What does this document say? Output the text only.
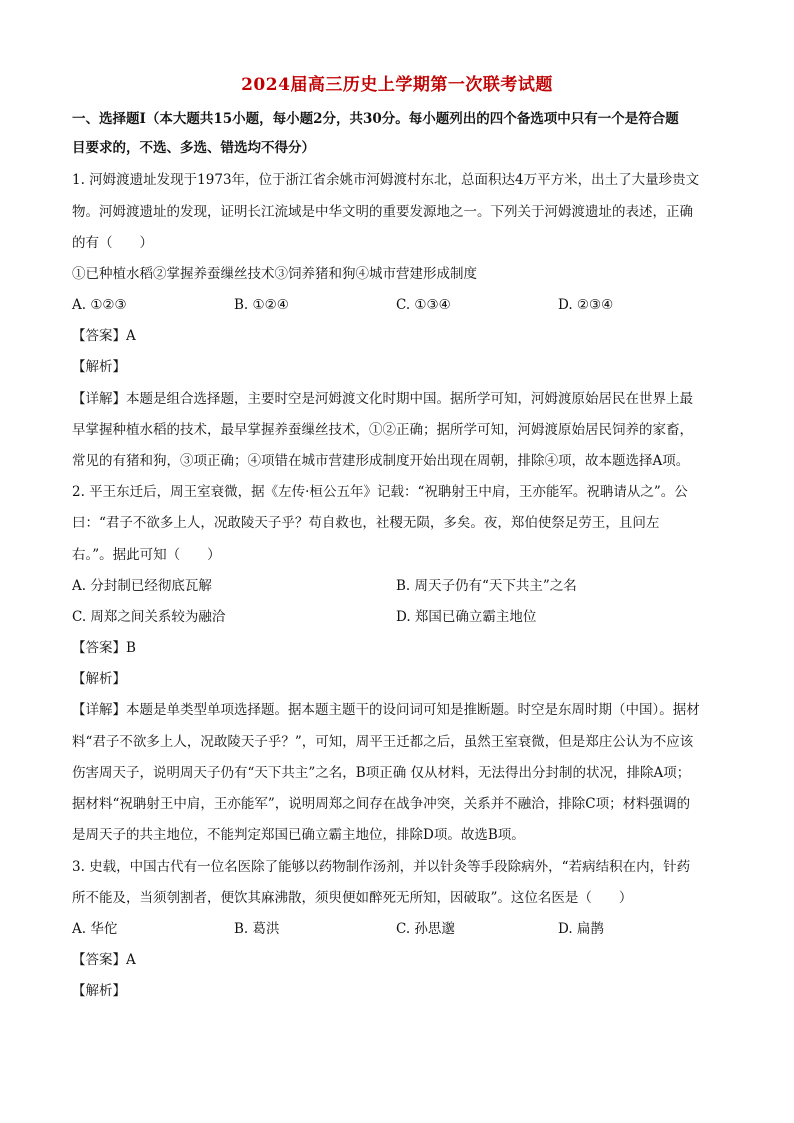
2024届高三历史上学期第一次联考试题
一、选择题Ⅰ（本大题共15小题，每小题2分，共30分。每小题列出的四个备选项中只有一个是符合题
目要求的，不选、多选、错选均不得分）
1. 河姆渡遗址发现于1973年，位于浙江省余姚市河姆渡村东北，总面积达4万平方米，出土了大量珍贵文
物。河姆渡遗址的发现，证明长江流域是中华文明的重要发源地之一。下列关于河姆渡遗址的表述，正确
的有（　　）
①已种植水稻②掌握养蚕缫丝技术③饲养猪和狗④城市营建形成制度
A. ①②③	B. ①②④	C. ①③④	D. ②③④
【答案】A
【解析】
【详解】本题是组合选择题，主要时空是河姆渡文化时期中国。据所学可知，河姆渡原始居民在世界上最
早掌握种植水稻的技术，最早掌握养蚕缫丝技术，①②正确；据所学可知，河姆渡原始居民饲养的家畜，
常见的有猪和狗，③项正确；④项错在城市营建形成制度开始出现在周朝，排除④项，故本题选择A项。
2. 平王东迁后，周王室衰微，据《左传·桓公五年》记载：“祝聃射王中肩，王亦能军。祝聃请从之”。公
曰：“君子不欲多上人，况敢陵天子乎？苟自救也，社稷无陨，多矣。夜，郑伯使祭足劳王，且问左
右。”。据此可知（　　）
A. 分封制已经彻底瓦解	B. 周天子仍有“天下共主”之名
C. 周郑之间关系较为融洽	D. 郑国已确立霸主地位
【答案】B
【解析】
【详解】本题是单类型单项选择题。据本题主题干的设问词可知是推断题。时空是东周时期（中国）。据材
料“君子不欲多上人，况敢陵天子乎？”，可知，周平王迁都之后，虽然王室衰微，但是郑庄公认为不应该
伤害周天子，说明周天子仍有“天下共主”之名，B项正确 仅从材料，无法得出分封制的状况，排除A项；
据材料“祝聃射王中肩，王亦能军”，说明周郑之间存在战争冲突，关系并不融洽，排除C项；材料强调的
是周天子的共主地位，不能判定郑国已确立霸主地位，排除D项。故选B项。
3. 史载，中国古代有一位名医除了能够以药物制作汤剂，并以针灸等手段除病外，“若病结积在内，针药
所不能及，当须刳割者，便饮其麻沸散，须臾便如醉死无所知，因破取”。这位名医是（　　）
A. 华佗	B. 葛洪	C. 孙思邈	D. 扁鹊
【答案】A
【解析】
